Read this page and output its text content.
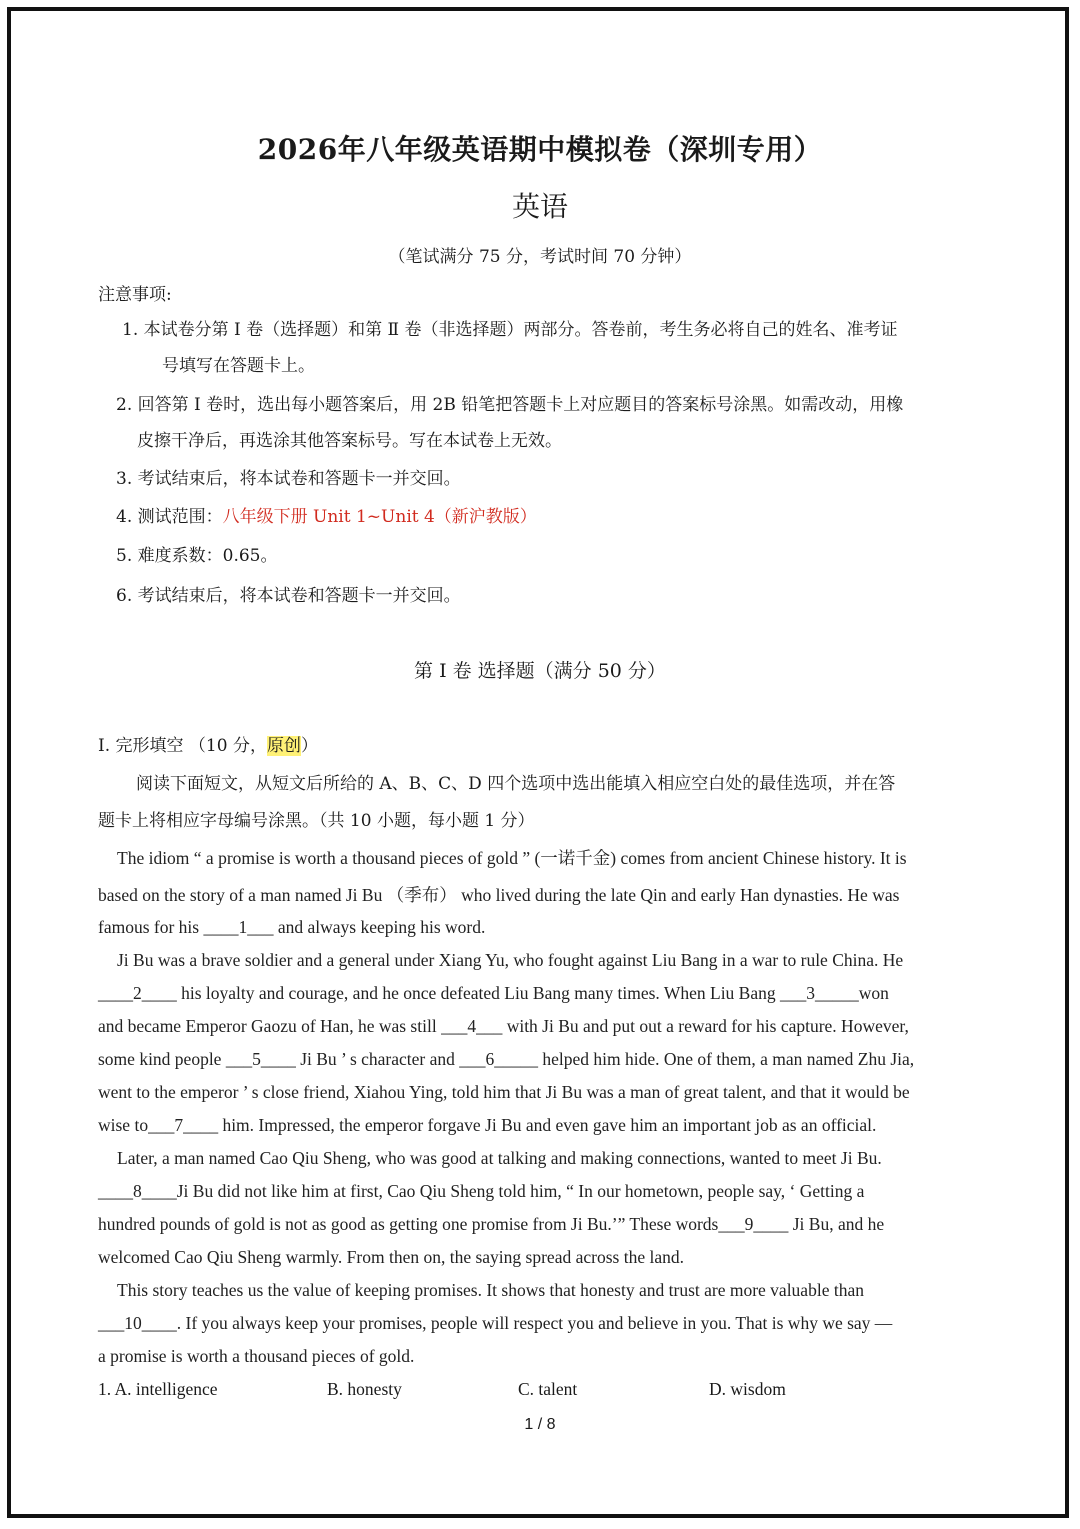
2026年八年级英语期中模拟卷（深圳专用）
英语
（笔试满分 75 分，考试时间 70 分钟）
注意事项:
1. 本试卷分第 Ⅰ 卷（选择题）和第 Ⅱ 卷（非选择题）两部分。答卷前，考生务必将自己的姓名、准考证
号填写在答题卡上。
2. 回答第 Ⅰ 卷时，选出每小题答案后，用 2B 铅笔把答题卡上对应题目的答案标号涂黑。如需改动，用橡
皮擦干净后，再选涂其他答案标号。写在本试卷上无效。
3. 考试结束后，将本试卷和答题卡一并交回。
4. 测试范围：八年级下册 Unit 1~Unit 4（新沪教版）
5. 难度系数：0.65。
6. 考试结束后，将本试卷和答题卡一并交回。
第 Ⅰ 卷 选择题（满分 50 分）
I. 完形填空 （10 分，原创）
阅读下面短文，从短文后所给的 A、B、C、D 四个选项中选出能填入相应空白处的最佳选项，并在答
题卡上将相应字母编号涂黑。（共 10 小题，每小题 1 分）
The idiom “ a promise is worth a thousand pieces of gold ” (一诺千金) comes from ancient Chinese history. It is
based on the story of a man named Ji Bu （季布） who lived during the late Qin and early Han dynasties. He was
famous for his ____1___ and always keeping his word.
Ji Bu was a brave soldier and a general under Xiang Yu, who fought against Liu Bang in a war to rule China. He
____2____ his loyalty and courage, and he once defeated Liu Bang many times. When Liu Bang ___3_____won
and became Emperor Gaozu of Han, he was still ___4___ with Ji Bu and put out a reward for his capture. However,
some kind people ___5____ Ji Bu ’ s character and ___6_____ helped him hide. One of them, a man named Zhu Jia,
went to the emperor ’ s close friend, Xiahou Ying, told him that Ji Bu was a man of great talent, and that it would be
wise to___7____ him. Impressed, the emperor forgave Ji Bu and even gave him an important job as an official.
Later, a man named Cao Qiu Sheng, who was good at talking and making connections, wanted to meet Ji Bu.
____8____Ji Bu did not like him at first, Cao Qiu Sheng told him, “ In our hometown, people say, ‘ Getting a
hundred pounds of gold is not as good as getting one promise from Ji Bu.’” These words___9____ Ji Bu, and he
welcomed Cao Qiu Sheng warmly. From then on, the saying spread across the land.
This story teaches us the value of keeping promises. It shows that honesty and trust are more valuable than
___10____. If you always keep your promises, people will respect you and believe in you. That is why we say —
a promise is worth a thousand pieces of gold.
1. A. intelligence	B. honesty	C. talent	D. wisdom
1 / 8
